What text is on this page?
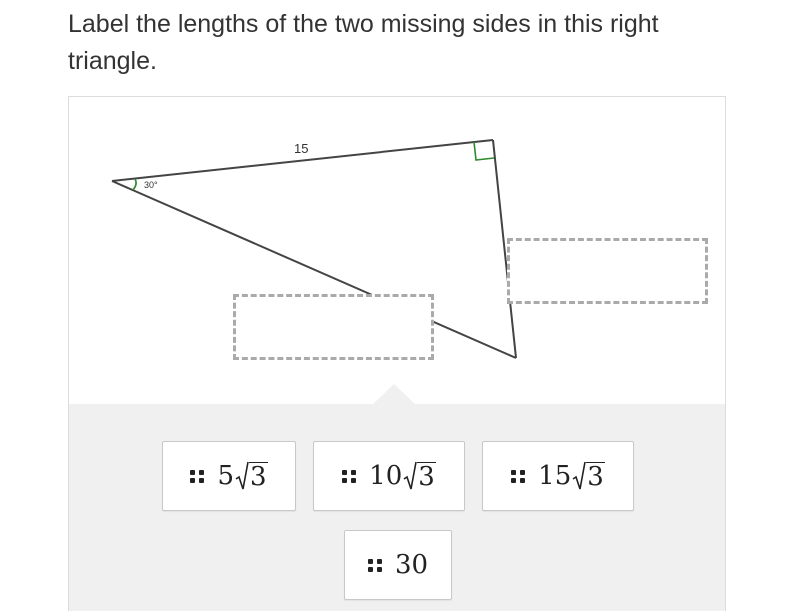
Label the lengths of the two missing sides in this right triangle.
15
30°
5 3	10 3	15 3
30
